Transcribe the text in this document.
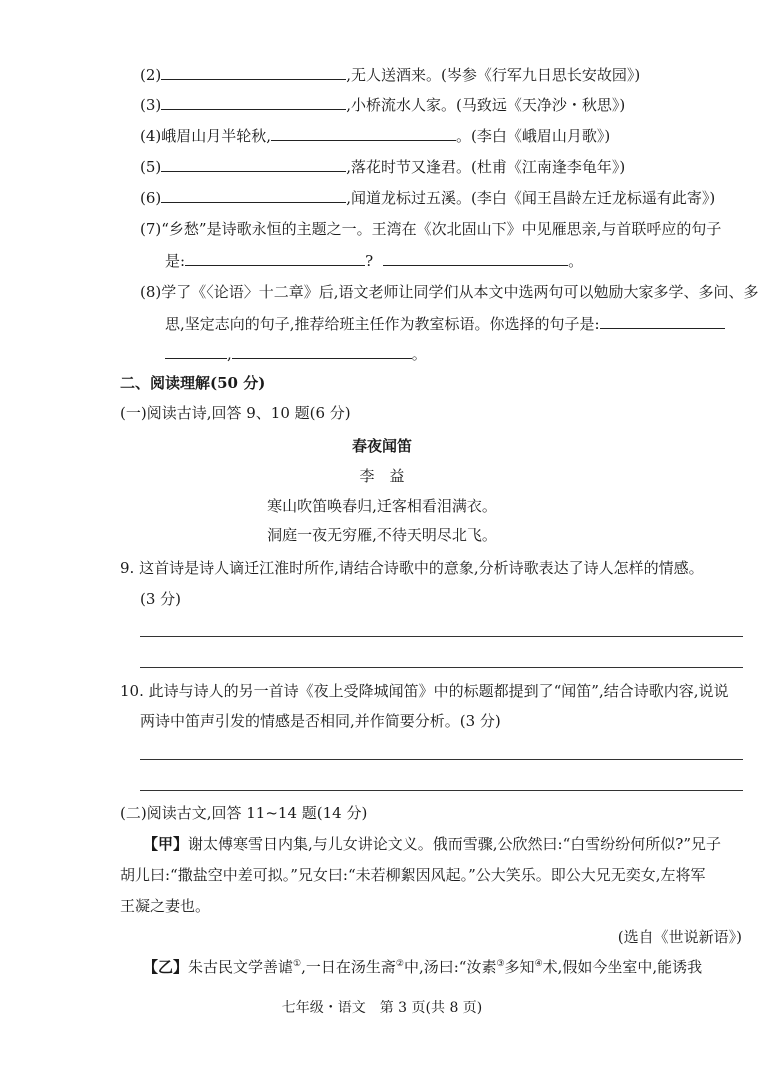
(2)	,无人送酒来。(岑参《行军九日思长安故园》)
(3)	,小桥流水人家。(马致远《天净沙・秋思》)
(4)峨眉山月半轮秋,	。(李白《峨眉山月歌》)
(5)	,落花时节又逢君。(杜甫《江南逢李龟年》)
(6)	,闻道龙标过五溪。(李白《闻王昌龄左迁龙标遥有此寄》)
(7)“乡愁”是诗歌永恒的主题之一。王湾在《次北固山下》中见雁思亲,与首联呼应的句子
是:	?	。
(8)学了《〈论语〉十二章》后,语文老师让同学们从本文中选两句可以勉励大家多学、多问、多
思,坚定志向的句子,推荐给班主任作为教室标语。你选择的句子是:
,	。
二、阅读理解(50 分)
(一)阅读古诗,回答 9、10 题(6 分)
春夜闻笛
李　益
寒山吹笛唤春归,迁客相看泪满衣。
洞庭一夜无穷雁,不待天明尽北飞。
9. 这首诗是诗人谪迁江淮时所作,请结合诗歌中的意象,分析诗歌表达了诗人怎样的情感。
(3 分)
10. 此诗与诗人的另一首诗《夜上受降城闻笛》中的标题都提到了“闻笛”,结合诗歌内容,说说
两诗中笛声引发的情感是否相同,并作简要分析。(3 分)
(二)阅读古文,回答 11~14 题(14 分)
【甲】谢太傅寒雪日内集,与儿女讲论文义。俄而雪骤,公欣然曰:“白雪纷纷何所似?”兄子
胡儿曰:“撒盐空中差可拟。”兄女曰:“未若柳絮因风起。”公大笑乐。即公大兄无奕女,左将军
王凝之妻也。
(选自《世说新语》)
【乙】朱古民文学善谑①,一日在汤生斋②中,汤曰:“汝素③多知④术,假如今坐室中,能诱我
七年级・语文　第 3 页(共 8 页)
